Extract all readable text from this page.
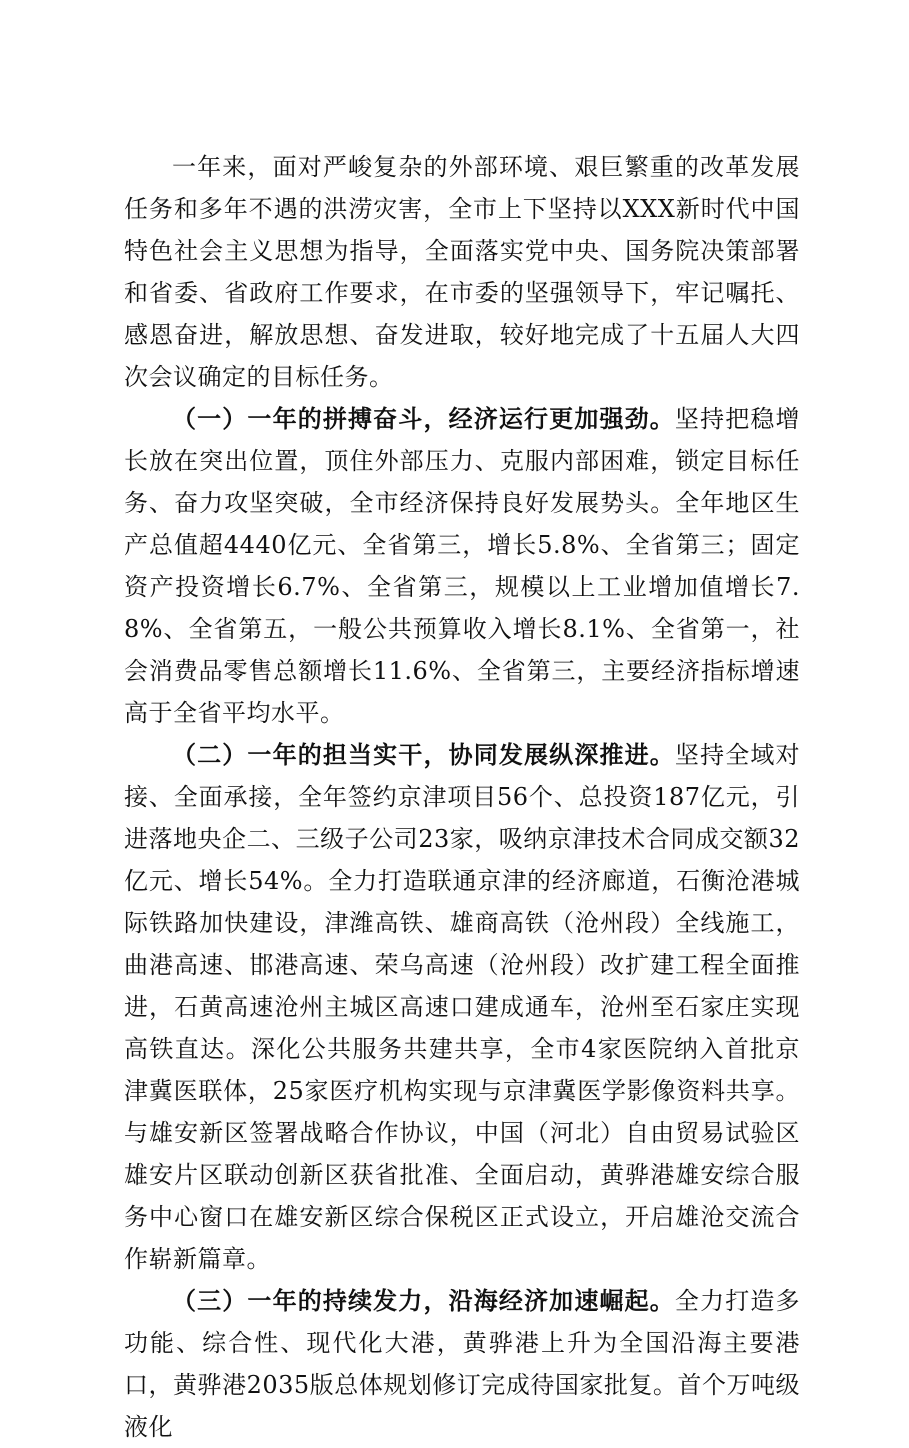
一年来，面对严峻复杂的外部环境、艰巨繁重的改革发展任务和多年不遇的洪涝灾害，全市上下坚持以XXX新时代中国特色社会主义思想为指导，全面落实党中央、国务院决策部署和省委、省政府工作要求，在市委的坚强领导下，牢记嘱托、感恩奋进，解放思想、奋发进取，较好地完成了十五届人大四次会议确定的目标任务。

（一）一年的拼搏奋斗，经济运行更加强劲。坚持把稳增长放在突出位置，顶住外部压力、克服内部困难，锁定目标任务、奋力攻坚突破，全市经济保持良好发展势头。全年地区生产总值超4440亿元、全省第三，增长5.8%、全省第三；固定资产投资增长6.7%、全省第三，规模以上工业增加值增长7.8%、全省第五，一般公共预算收入增长8.1%、全省第一，社会消费品零售总额增长11.6%、全省第三，主要经济指标增速高于全省平均水平。

（二）一年的担当实干，协同发展纵深推进。坚持全域对接、全面承接，全年签约京津项目56个、总投资187亿元，引进落地央企二、三级子公司23家，吸纳京津技术合同成交额32亿元、增长54%。全力打造联通京津的经济廊道，石衡沧港城际铁路加快建设，津潍高铁、雄商高铁（沧州段）全线施工，曲港高速、邯港高速、荣乌高速（沧州段）改扩建工程全面推进，石黄高速沧州主城区高速口建成通车，沧州至石家庄实现高铁直达。深化公共服务共建共享，全市4家医院纳入首批京津冀医联体，25家医疗机构实现与京津冀医学影像资料共享。与雄安新区签署战略合作协议，中国（河北）自由贸易试验区雄安片区联动创新区获省批准、全面启动，黄骅港雄安综合服务中心窗口在雄安新区综合保税区正式设立，开启雄沧交流合作崭新篇章。

（三）一年的持续发力，沿海经济加速崛起。全力打造多功能、综合性、现代化大港，黄骅港上升为全国沿海主要港口，黄骅港2035版总体规划修订完成待国家批复。首个万吨级液化
